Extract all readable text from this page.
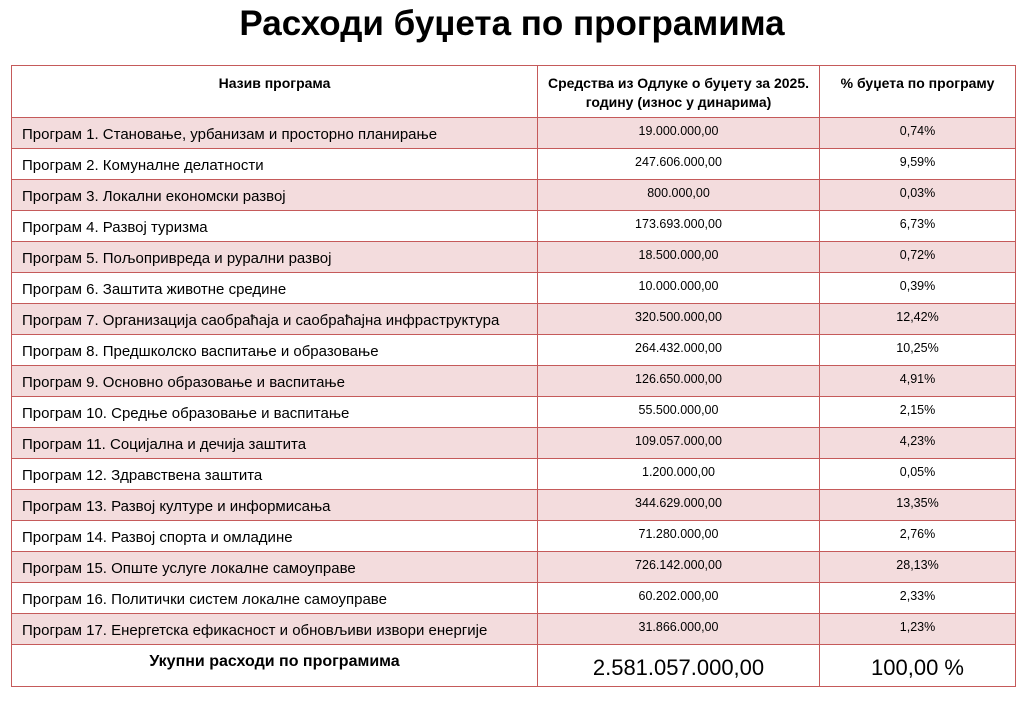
Расходи буџета по програмима
Назив програма	Средства из Одлуке о буџету за 2025. годину (износ у динарима)	% буџета по програму
Програм 1. Становање, урбанизам и просторно планирање	19.000.000,00	0,74%
Програм 2. Комуналне делатности	247.606.000,00	9,59%
Програм 3. Локални економски развој	800.000,00	0,03%
Програм 4. Развој туризма	173.693.000,00	6,73%
Програм 5. Пољопривреда и рурални развој	18.500.000,00	0,72%
Програм 6. Заштита животне средине	10.000.000,00	0,39%
Програм 7. Организација саобраћаја и саобраћајна инфраструктура	320.500.000,00	12,42%
Програм 8. Предшколско васпитање и образовање	264.432.000,00	10,25%
Програм 9. Основно образовање и васпитање	126.650.000,00	4,91%
Програм 10. Средње образовање и васпитање	55.500.000,00	2,15%
Програм 11. Социјална и дечија заштита	109.057.000,00	4,23%
Програм 12. Здравствена заштита	1.200.000,00	0,05%
Програм 13. Развој културе и информисања	344.629.000,00	13,35%
Програм 14. Развој спорта и омладине	71.280.000,00	2,76%
Програм 15. Опште услуге локалне самоуправе	726.142.000,00	28,13%
Програм 16. Политички систем локалне самоуправе	60.202.000,00	2,33%
Програм 17. Енергетска ефикасност и обновљиви извори енергије	31.866.000,00	1,23%
Укупни расходи по програмима	2.581.057.000,00	100,00 %
